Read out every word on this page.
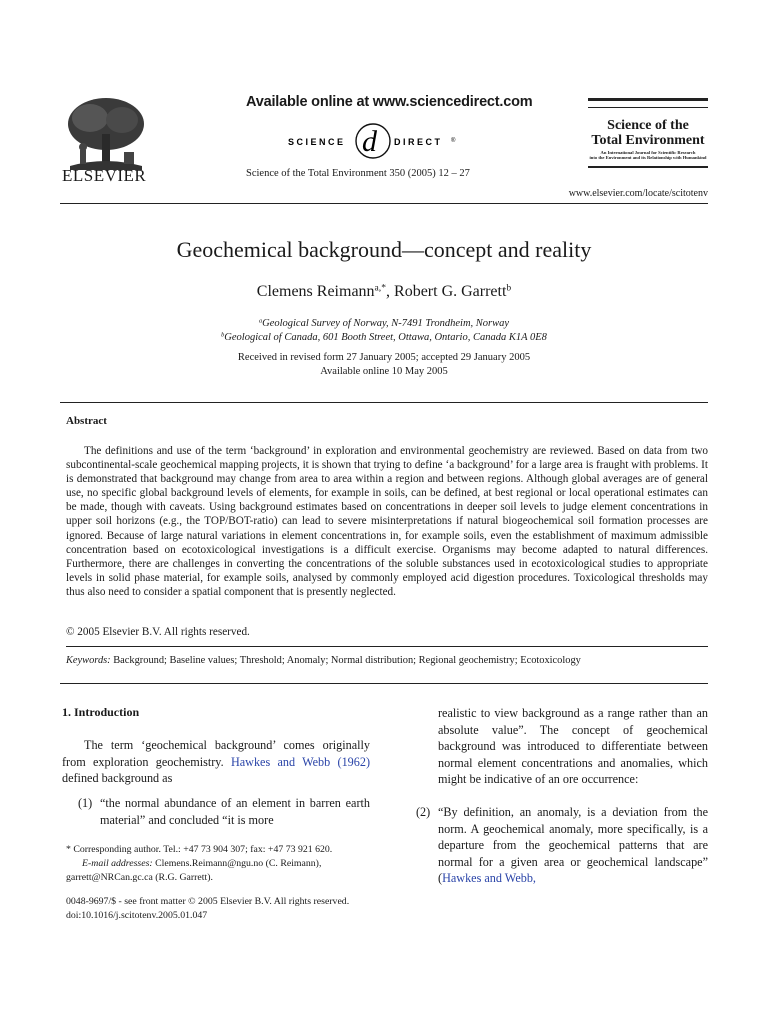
ELSEVIER
Available online at www.sciencedirect.com
SCIENCE d DIRECT ®
Science of the Total Environment 350 (2005) 12 – 27
Science of the
Total Environment
An International Journal for Scientific Research
into the Environment and its Relationship with Humankind
www.elsevier.com/locate/scitotenv
Geochemical background—concept and reality
Clemens Reimann$^{a,*}$, Robert G. Garrett$^b$
$^a$Geological Survey of Norway, N-7491 Trondheim, Norway
$^b$Geological of Canada, 601 Booth Street, Ottawa, Ontario, Canada K1A 0E8
Received in revised form 27 January 2005; accepted 29 January 2005
Available online 10 May 2005
Abstract
The definitions and use of the term ‘background’ in exploration and environmental geochemistry are reviewed. Based on data from two subcontinental-scale geochemical mapping projects, it is shown that trying to define ‘a background’ for a large area is fraught with problems. It is demonstrated that background may change from area to area within a region and between regions. Although global averages are of general use, no specific global background levels of elements, for example in soils, can be defined, at best regional or local operational estimates can be made, though with caveats. Using background estimates based on concentrations in deeper soil levels to judge element concentrations in upper soil horizons (e.g., the TOP/BOT-ratio) can lead to severe misinterpretations if natural biogeochemical soil formation processes are ignored. Because of large natural variations in element concentrations in, for example soils, even the establishment of maximum admissible concentration based on ecotoxicological investigations is a difficult exercise. Organisms may become adapted to natural differences. Furthermore, there are challenges in converting the concentrations of the soluble substances used in ecotoxicological studies to appropriate levels in solid phase material, for example soils, analysed by commonly employed acid digestion procedures. Toxicological thresholds may thus also need to consider a spatial component that is presently neglected.
© 2005 Elsevier B.V. All rights reserved.
Keywords: Background; Baseline values; Threshold; Anomaly; Normal distribution; Regional geochemistry; Ecotoxicology
1. Introduction
The term ‘geochemical background’ comes originally from exploration geochemistry. Hawkes and Webb (1962) defined background as
(1) “the normal abundance of an element in barren earth material” and concluded “it is more
* Corresponding author. Tel.: +47 73 904 307; fax: +47 73 921 620.
E-mail addresses: Clemens.Reimann@ngu.no (C. Reimann),
garrett@NRCan.gc.ca (R.G. Garrett).
0048-9697/$ - see front matter © 2005 Elsevier B.V. All rights reserved.
doi:10.1016/j.scitotenv.2005.01.047
realistic to view background as a range rather than an absolute value”. The concept of geochemical background was introduced to differentiate between normal element concentrations and anomalies, which might be indicative of an ore occurrence:
(2) “By definition, an anomaly, is a deviation from the norm. A geochemical anomaly, more specifically, is a departure from the geochemical patterns that are normal for a given area or geochemical landscape” (Hawkes and Webb,
